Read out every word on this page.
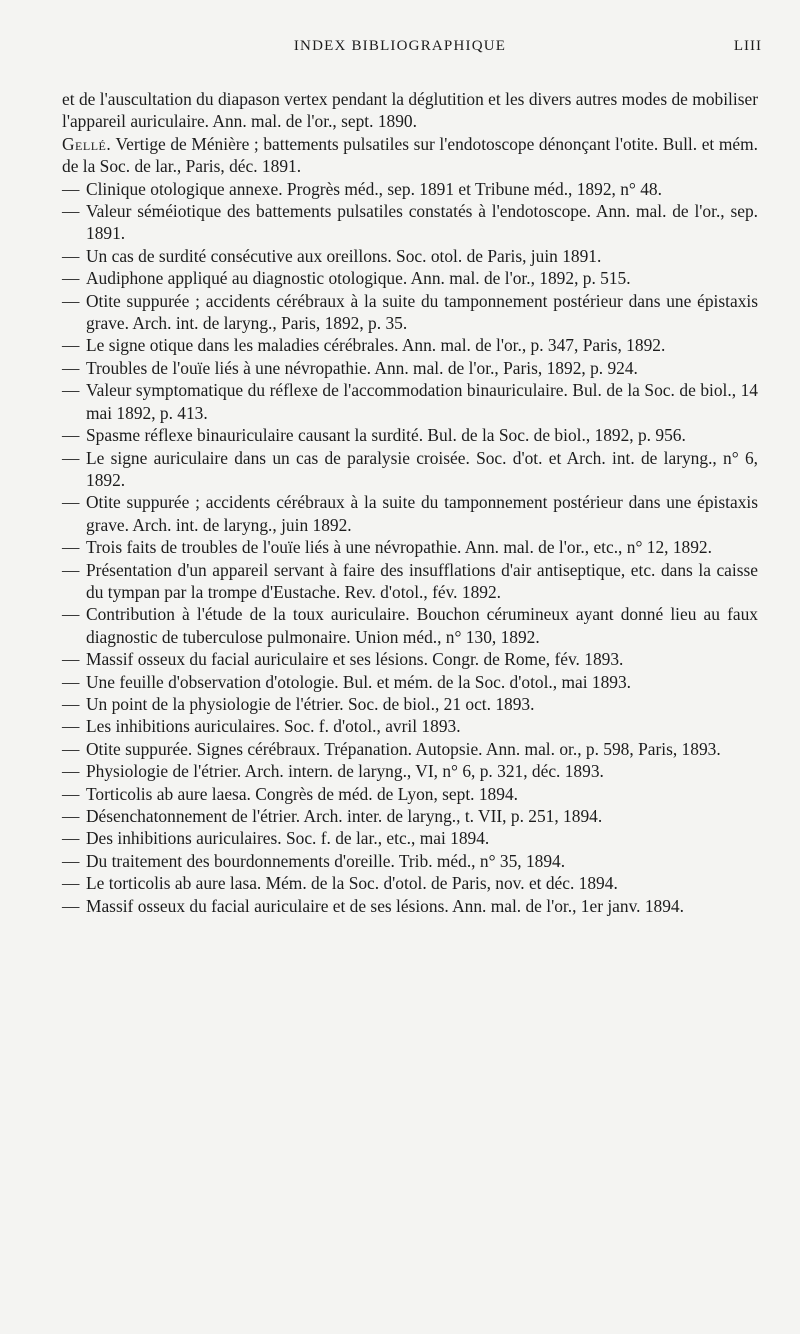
INDEX BIBLIOGRAPHIQUE	LIII

et de l'auscultation du diapason vertex pendant la déglutition et les divers autres modes de mobiliser l'appareil auriculaire. Ann. mal. de l'or., sept. 1890.

Gellé. Vertige de Ménière ; battements pulsatiles sur l'endotoscope dénonçant l'otite. Bull. et mém. de la Soc. de lar., Paris, déc. 1891.

— Clinique otologique annexe. Progrès méd., sep. 1891 et Tribune méd., 1892, n° 48.

— Valeur séméiotique des battements pulsatiles constatés à l'endotoscope. Ann. mal. de l'or., sep. 1891.

— Un cas de surdité consécutive aux oreillons. Soc. otol. de Paris, juin 1891.

— Audiphone appliqué au diagnostic otologique. Ann. mal. de l'or., 1892, p. 515.

— Otite suppurée ; accidents cérébraux à la suite du tamponnement postérieur dans une épistaxis grave. Arch. int. de laryng., Paris, 1892, p. 35.

— Le signe otique dans les maladies cérébrales. Ann. mal. de l'or., p. 347, Paris, 1892.

— Troubles de l'ouïe liés à une névropathie. Ann. mal. de l'or., Paris, 1892, p. 924.

— Valeur symptomatique du réflexe de l'accommodation binauriculaire. Bul. de la Soc. de biol., 14 mai 1892, p. 413.

— Spasme réflexe binauriculaire causant la surdité. Bul. de la Soc. de biol., 1892, p. 956.

— Le signe auriculaire dans un cas de paralysie croisée. Soc. d'ot. et Arch. int. de laryng., n° 6, 1892.

— Otite suppurée ; accidents cérébraux à la suite du tamponnement postérieur dans une épistaxis grave. Arch. int. de laryng., juin 1892.

— Trois faits de troubles de l'ouïe liés à une névropathie. Ann. mal. de l'or., etc., n° 12, 1892.

— Présentation d'un appareil servant à faire des insufflations d'air antiseptique, etc. dans la caisse du tympan par la trompe d'Eustache. Rev. d'otol., fév. 1892.

— Contribution à l'étude de la toux auriculaire. Bouchon cérumineux ayant donné lieu au faux diagnostic de tuberculose pulmonaire. Union méd., n° 130, 1892.

— Massif osseux du facial auriculaire et ses lésions. Congr. de Rome, fév. 1893.

— Une feuille d'observation d'otologie. Bul. et mém. de la Soc. d'otol., mai 1893.

— Un point de la physiologie de l'étrier. Soc. de biol., 21 oct. 1893.

— Les inhibitions auriculaires. Soc. f. d'otol., avril 1893.

— Otite suppurée. Signes cérébraux. Trépanation. Autopsie. Ann. mal. or., p. 598, Paris, 1893.

— Physiologie de l'étrier. Arch. intern. de laryng., VI, n° 6, p. 321, déc. 1893.

— Torticolis ab aure laesa. Congrès de méd. de Lyon, sept. 1894.

— Désenchatonnement de l'étrier. Arch. inter. de laryng., t. VII, p. 251, 1894.

— Des inhibitions auriculaires. Soc. f. de lar., etc., mai 1894.

— Du traitement des bourdonnements d'oreille. Trib. méd., n° 35, 1894.

— Le torticolis ab aure lasa. Mém. de la Soc. d'otol. de Paris, nov. et déc. 1894.

— Massif osseux du facial auriculaire et de ses lésions. Ann. mal. de l'or., 1er janv. 1894.
